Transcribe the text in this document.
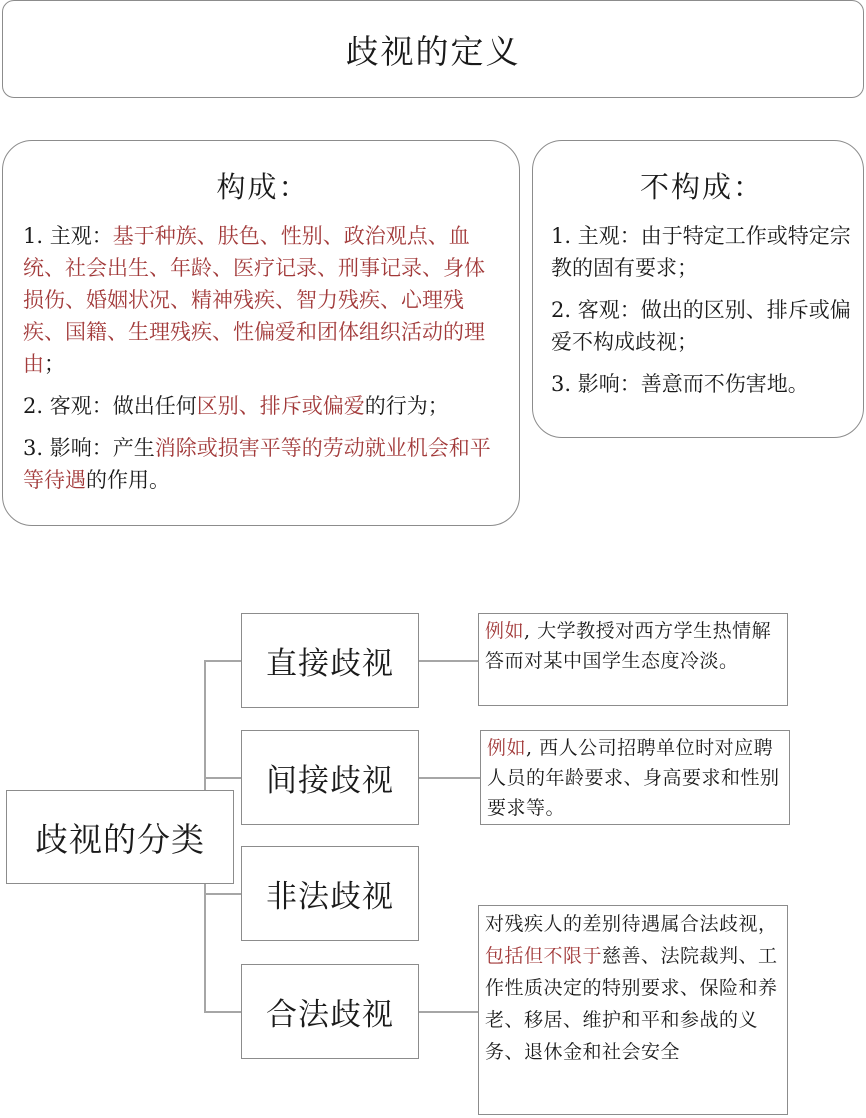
歧视的定义
构成：
1. 主观：基于种族、肤色、性别、政治观点、血统、社会出生、年龄、医疗记录、刑事记录、身体损伤、婚姻状况、精神残疾、智力残疾、心理残疾、国籍、生理残疾、性偏爱和团体组织活动的理由；
2. 客观：做出任何区别、排斥或偏爱的行为；
3. 影响：产生消除或损害平等的劳动就业机会和平等待遇的作用。
不构成：
1. 主观：由于特定工作或特定宗教的固有要求；
2. 客观：做出的区别、排斥或偏爱不构成歧视；
3. 影响：善意而不伤害地。
歧视的分类
直接歧视
间接歧视
非法歧视
合法歧视
例如, 大学教授对西方学生热情解答而对某中国学生态度冷淡。
例如, 西人公司招聘单位时对应聘人员的年龄要求、身高要求和性别要求等。
对残疾人的差别待遇属合法歧视，包括但不限于慈善、法院裁判、工作性质决定的特别要求、保险和养老、移居、维护和平和参战的义务、退休金和社会安全
